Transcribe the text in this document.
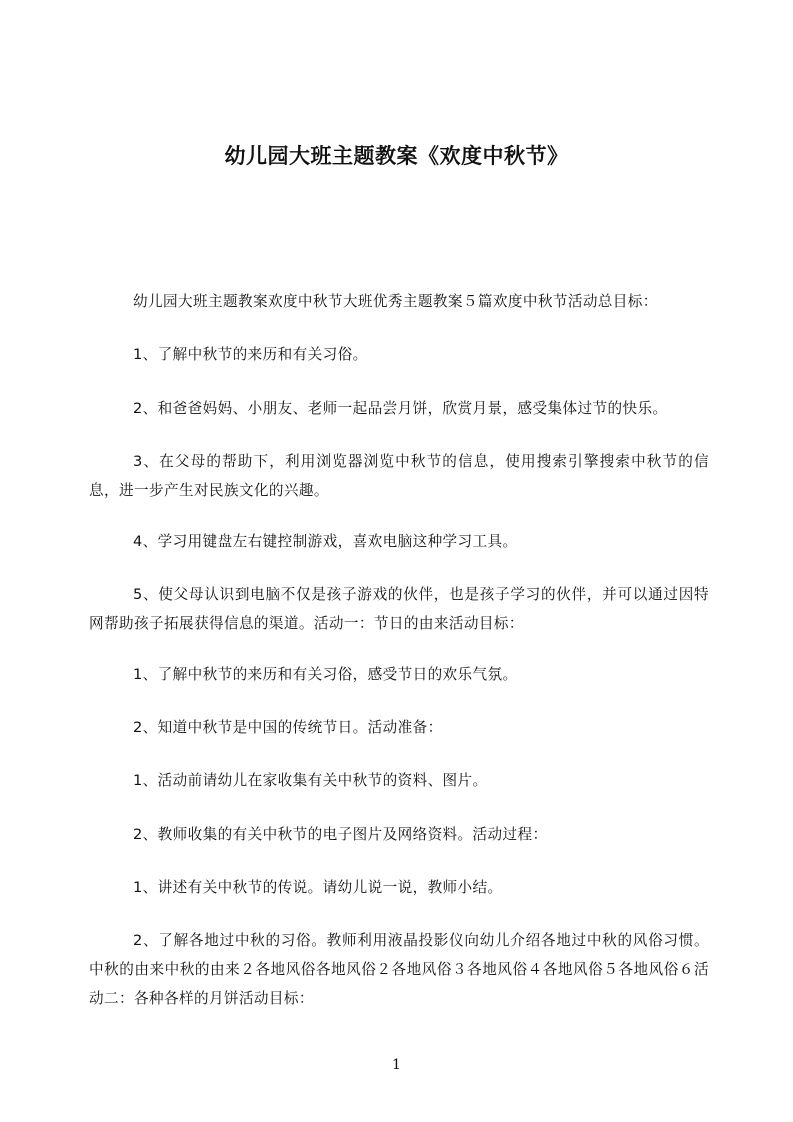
幼儿园大班主题教案《欢度中秋节》

幼儿园大班主题教案欢度中秋节大班优秀主题教案５篇欢度中秋节活动总目标：

1、了解中秋节的来历和有关习俗。

2、和爸爸妈妈、小朋友、老师一起品尝月饼，欣赏月景，感受集体过节的快乐。

3、在父母的帮助下，利用浏览器浏览中秋节的信息，使用搜索引擎搜索中秋节的信息，进一步产生对民族文化的兴趣。

4、学习用键盘左右键控制游戏，喜欢电脑这种学习工具。

5、使父母认识到电脑不仅是孩子游戏的伙伴，也是孩子学习的伙伴，并可以通过因特网帮助孩子拓展获得信息的渠道。活动一：节日的由来活动目标：

1、了解中秋节的来历和有关习俗，感受节日的欢乐气氛。

2、知道中秋节是中国的传统节日。活动准备：

1、活动前请幼儿在家收集有关中秋节的资料、图片。

2、教师收集的有关中秋节的电子图片及网络资料。活动过程：

1、讲述有关中秋节的传说。请幼儿说一说，教师小结。

2、了解各地过中秋的习俗。教师利用液晶投影仪向幼儿介绍各地过中秋的风俗习惯。中秋的由来中秋的由来２各地风俗各地风俗２各地风俗３各地风俗４各地风俗５各地风俗６活动二：各种各样的月饼活动目标：

1
